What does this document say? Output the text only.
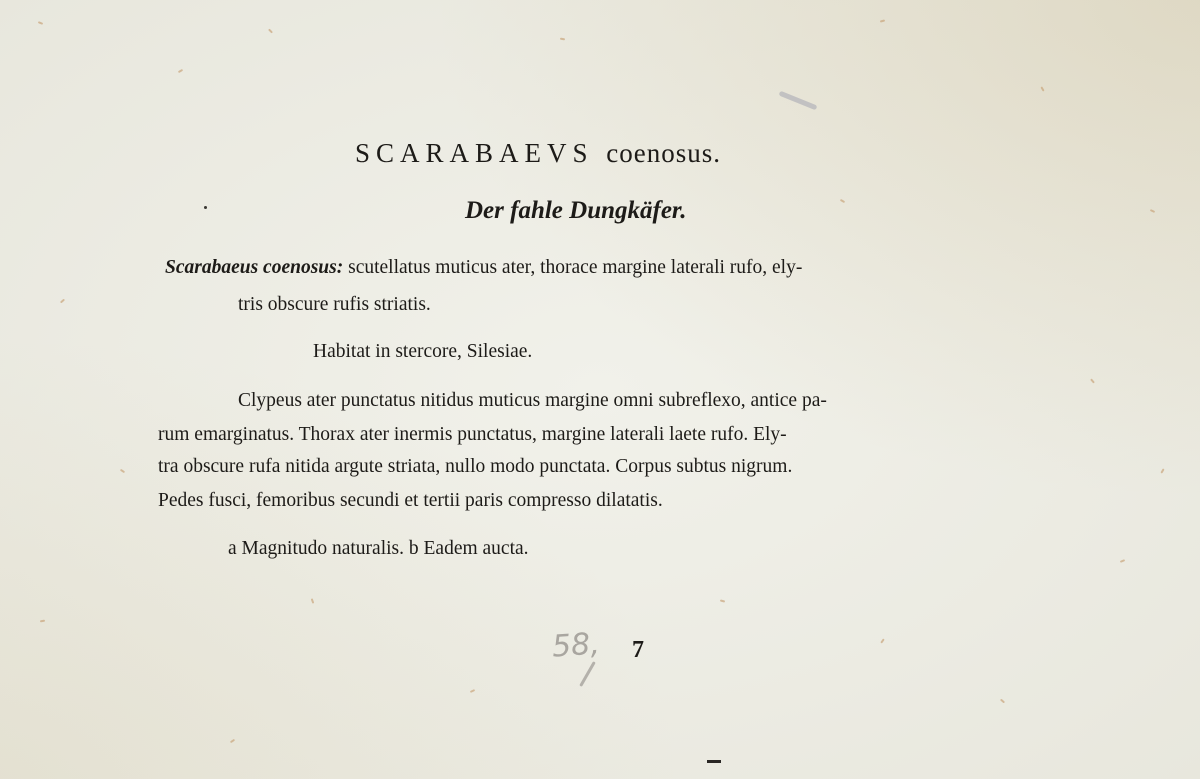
SCARABAEVS coenosus.
Der fahle Dungkäfer.
Scarabaeus coenosus: scutellatus muticus ater, thorace margine laterali rufo, ely-
tris obscure rufis striatis.
Habitat in stercore, Silesiae.
Clypeus ater punctatus nitidus muticus margine omni subreflexo, antice pa-
rum emarginatus. Thorax ater inermis punctatus, margine laterali laete rufo. Ely-
tra obscure rufa nitida argute striata, nullo modo punctata. Corpus subtus nigrum.
Pedes fusci, femoribus secundi et tertii paris compresso dilatatis.
a Magnitudo naturalis. b Eadem aucta.
58, 7
